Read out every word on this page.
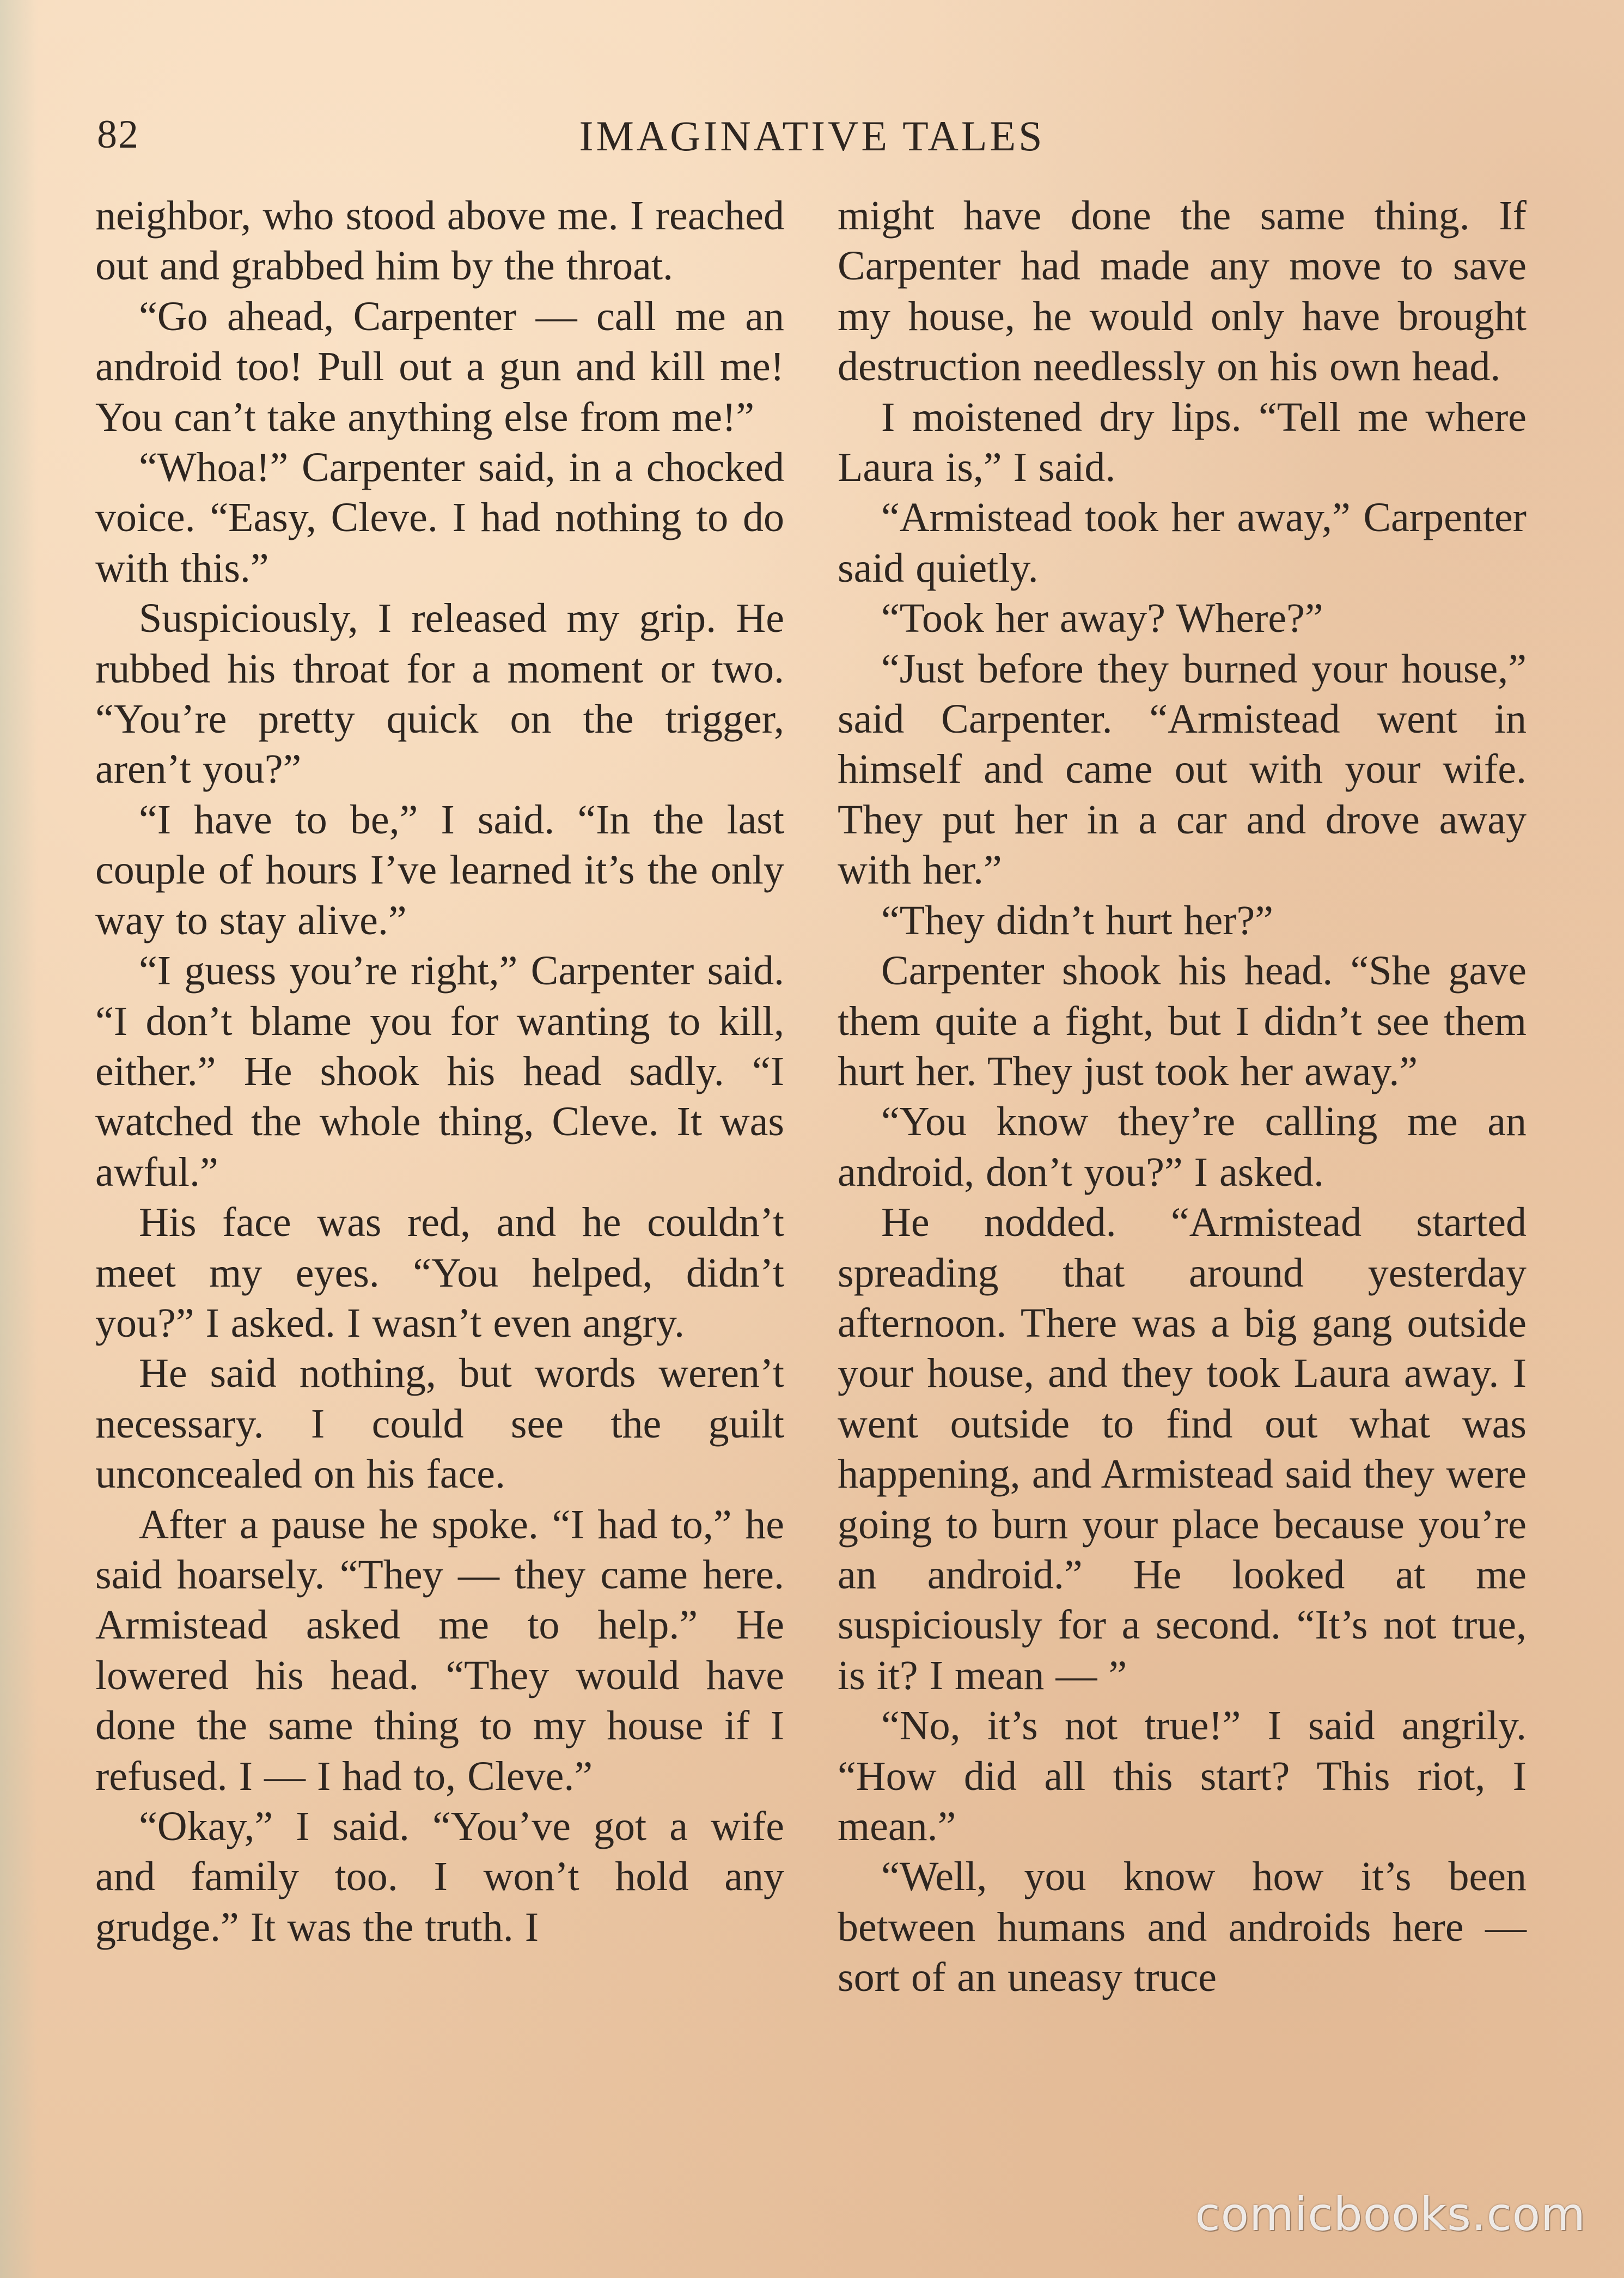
82	IMAGINATIVE TALES

neighbor, who stood above me. I reached out and grabbed him by the throat.

“Go ahead, Carpenter — call me an android too! Pull out a gun and kill me! You can’t take anything else from me!”

“Whoa!” Carpenter said, in a chocked voice. “Easy, Cleve. I had nothing to do with this.”

Suspiciously, I released my grip. He rubbed his throat for a moment or two. “You’re pretty quick on the trigger, aren’t you?”

“I have to be,” I said. “In the last couple of hours I’ve learned it’s the only way to stay alive.”

“I guess you’re right,” Carpenter said. “I don’t blame you for wanting to kill, either.” He shook his head sadly. “I watched the whole thing, Cleve. It was awful.”

His face was red, and he couldn’t meet my eyes. “You helped, didn’t you?” I asked. I wasn’t even angry.

He said nothing, but words weren’t necessary. I could see the guilt unconcealed on his face.

After a pause he spoke. “I had to,” he said hoarsely. “They — they came here. Armistead asked me to help.” He lowered his head. “They would have done the same thing to my house if I refused. I — I had to, Cleve.”

“Okay,” I said. “You’ve got a wife and family too. I won’t hold any grudge.” It was the truth. I

might have done the same thing. If Carpenter had made any move to save my house, he would only have brought destruction needlessly on his own head.

I moistened dry lips. “Tell me where Laura is,” I said.

“Armistead took her away,” Carpenter said quietly.

“Took her away? Where?”

“Just before they burned your house,” said Carpenter. “Armistead went in himself and came out with your wife. They put her in a car and drove away with her.”

“They didn’t hurt her?”

Carpenter shook his head. “She gave them quite a fight, but I didn’t see them hurt her. They just took her away.”

“You know they’re calling me an android, don’t you?” I asked.

He nodded. “Armistead started spreading that around yesterday afternoon. There was a big gang outside your house, and they took Laura away. I went outside to find out what was happening, and Armistead said they were going to burn your place because you’re an android.” He looked at me suspiciously for a second. “It’s not true, is it? I mean — ”

“No, it’s not true!” I said angrily. “How did all this start? This riot, I mean.”

“Well, you know how it’s been between humans and androids here — sort of an uneasy truce

comicbooks.com
